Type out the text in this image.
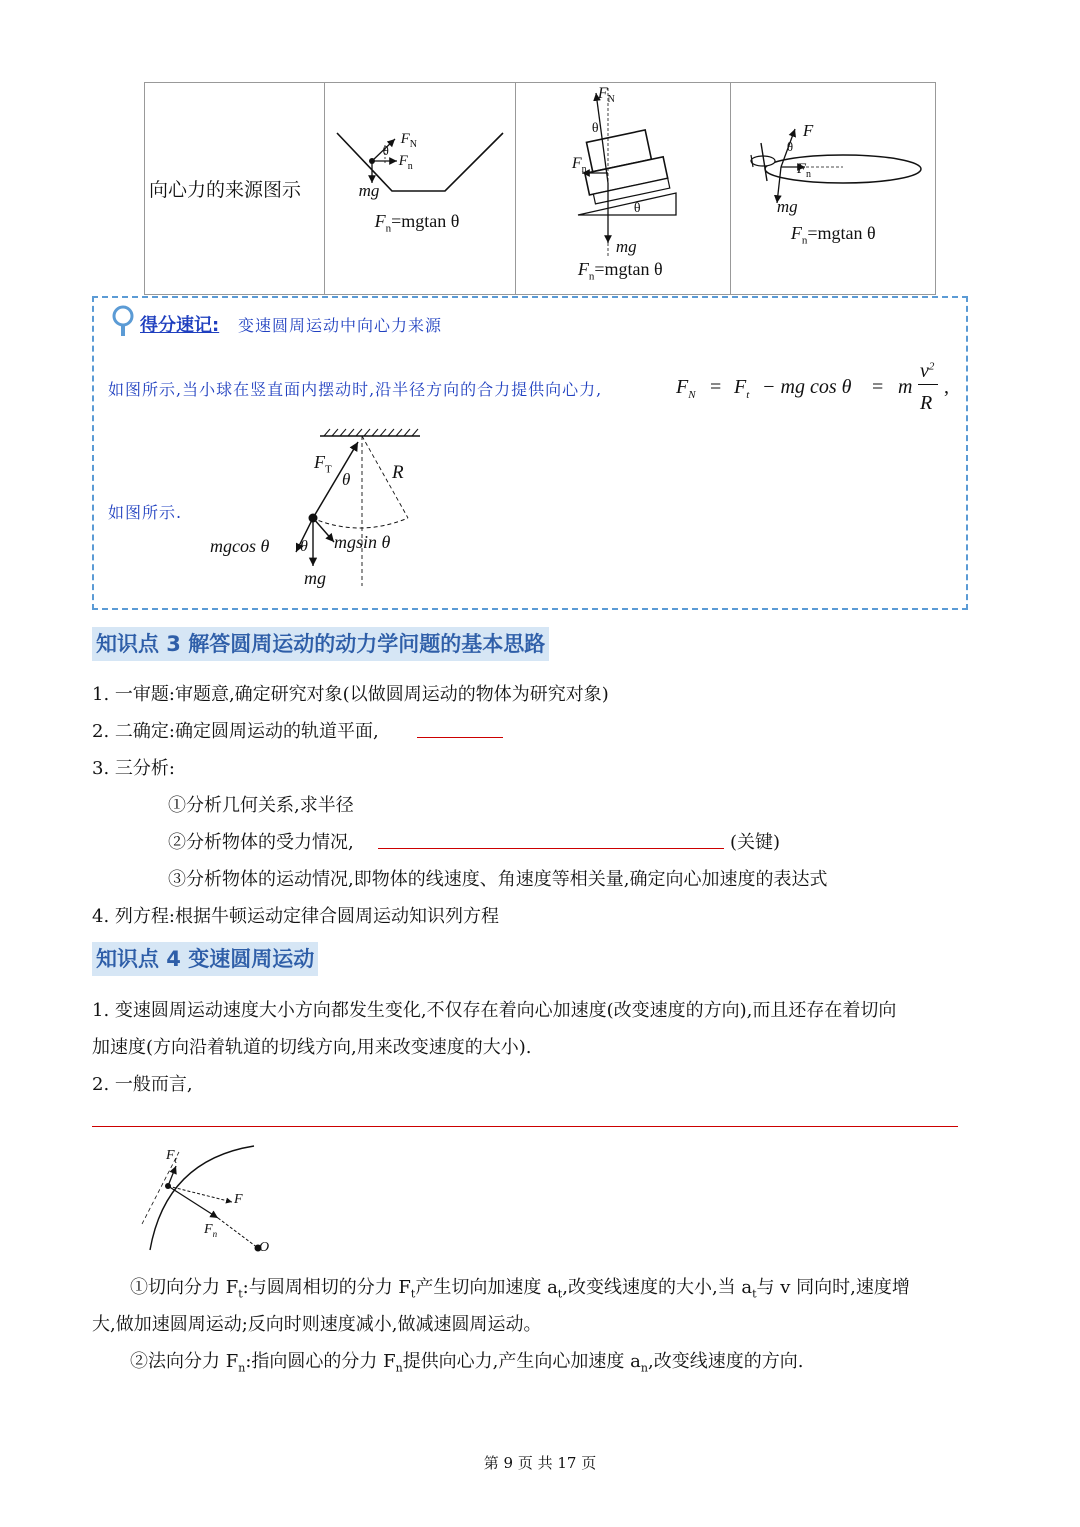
向心力的来源图示	
$F_N$
$F_n$
θ
mg
$F_n=mgtan$ θ

$F_N$
$F_n$
θ
θ
mg
$F_n=mgtan$ θ

F
$F_n$
θ
mg
$F_n=mgtan$ θ
得分速记: 变速圆周运动中向心力来源
如图所示,当小球在竖直面内摆动时,沿半径方向的合力提供向心力,	$F_N = F_t$ − mg cos θ = m
$v^2$
R
,
如图所示.
$F_T$
θ R
mgcos θ θ mgsin θ
mg
知识点 3 解答圆周运动的动力学问题的基本思路
1. 一审题:审题意,确定研究对象(以做圆周运动的物体为研究对象)
2. 二确定:确定圆周运动的轨道平面,
3. 三分析:
①分析几何关系,求半径
②分析物体的受力情况,	(关键)
③分析物体的运动情况,即物体的线速度、角速度等相关量,确定向心加速度的表达式
4. 列方程:根据牛顿运动定律合圆周运动知识列方程
知识点 4 变速圆周运动
1. 变速圆周运动速度大小方向都发生变化,不仅存在着向心加速度(改变速度的方向),而且还存在着切向
加速度(方向沿着轨道的切线方向,用来改变速度的大小).
2. 一般而言,
$F_t$
F
$F_n$
O
①切向分力 $F_t$:与圆周相切的分力 $F_t$产生切向加速度 $a_t$,改变线速度的大小,当 $a_t$与 v 同向时,速度增
大,做加速圆周运动;反向时则速度减小,做减速圆周运动。
②法向分力 $F_n$:指向圆心的分力 $F_n$提供向心力,产生向心加速度 $a_n$,改变线速度的方向.
第 9 页 共 17 页
